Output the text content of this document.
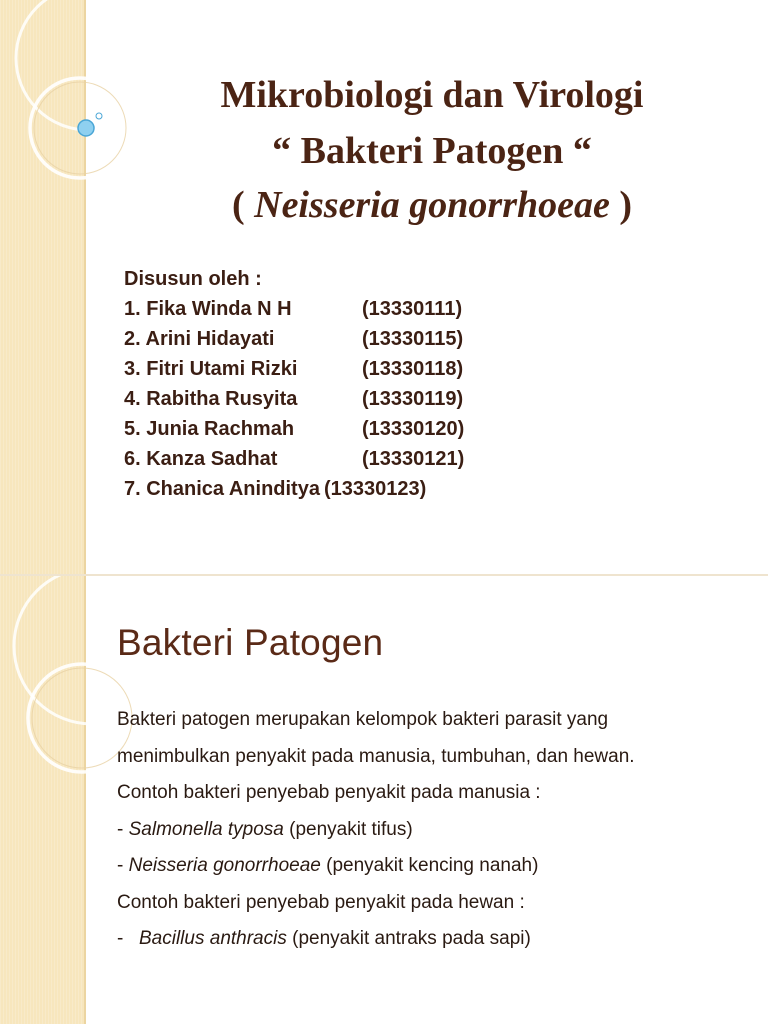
Mikrobiologi dan Virologi

“ Bakteri Patogen “

( Neisseria gonorrhoeae )
Disusun oleh :
1. Fika Winda N H	(13330111)
2. Arini Hidayati	(13330115)
3. Fitri Utami Rizki	(13330118)
4. Rabitha Rusyita	(13330119)
5. Junia Rachmah	(13330120)
6. Kanza Sadhat	(13330121)
7. Chanica Aninditya (13330123)
Bakteri Patogen

Bakteri patogen merupakan kelompok bakteri parasit yang

menimbulkan penyakit pada manusia, tumbuhan, dan hewan.

Contoh bakteri penyebab penyakit pada manusia :

- Salmonella typosa (penyakit tifus)

- Neisseria gonorrhoeae (penyakit kencing nanah)

Contoh bakteri penyebab penyakit pada hewan :

- Bacillus anthracis (penyakit antraks pada sapi)
